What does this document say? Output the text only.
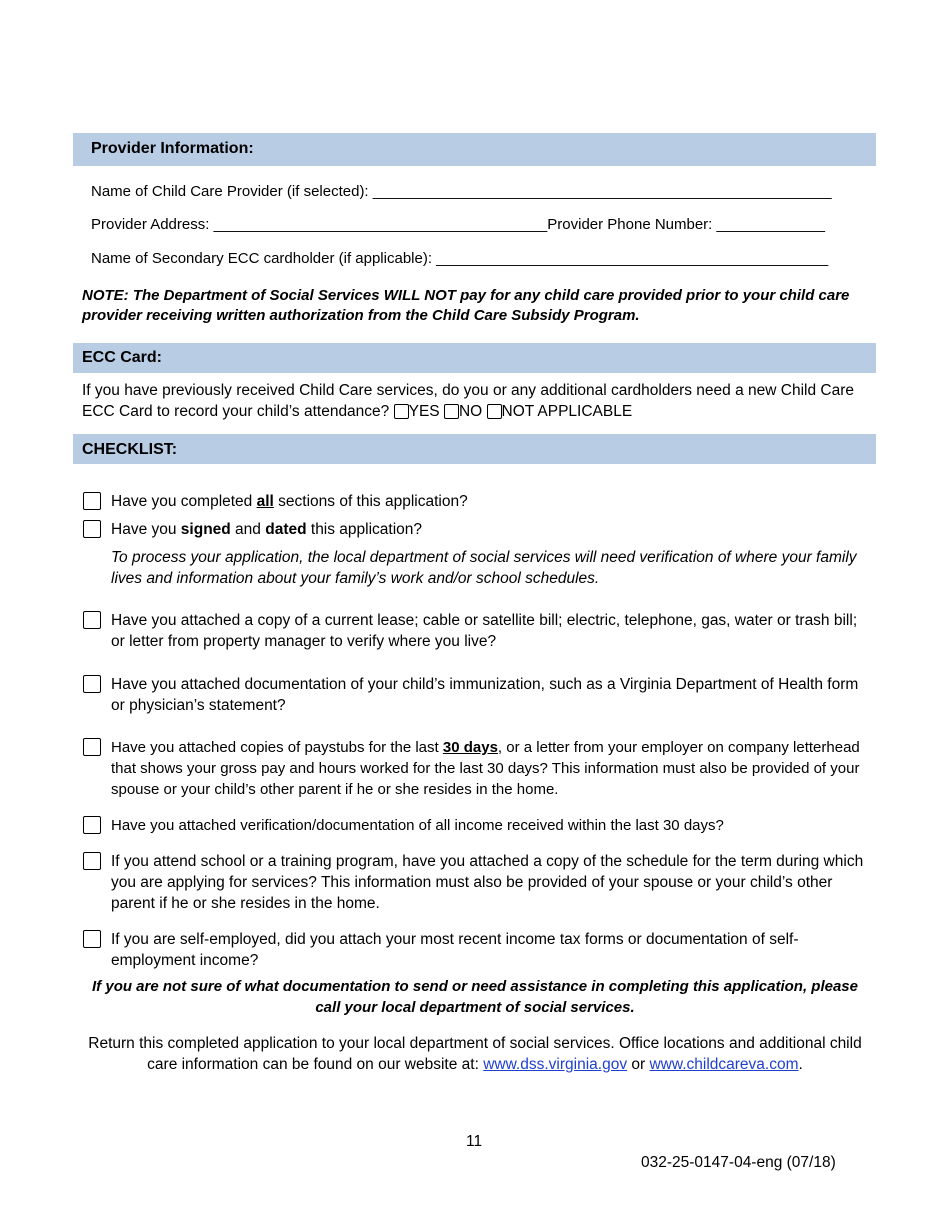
Provider Information:
Name of Child Care Provider (if selected): _______________________________________________________
Provider Address: ________________________________________Provider Phone Number: _____________
Name of Secondary ECC cardholder (if applicable): _______________________________________________
NOTE: The Department of Social Services WILL NOT pay for any child care provided prior to your child care provider receiving written authorization from the Child Care Subsidy Program.
ECC Card:
If you have previously received Child Care services, do you or any additional cardholders need a new Child Care ECC Card to record your child’s attendance? YES NO NOT APPLICABLE
CHECKLIST:
Have you completed all sections of this application?
Have you signed and dated this application?
To process your application, the local department of social services will need verification of where your family lives and information about your family’s work and/or school schedules.
Have you attached a copy of a current lease; cable or satellite bill; electric, telephone, gas, water or trash bill; or letter from property manager to verify where you live?
Have you attached documentation of your child’s immunization, such as a Virginia Department of Health form or physician’s statement?
Have you attached copies of paystubs for the last 30 days, or a letter from your employer on company letterhead that shows your gross pay and hours worked for the last 30 days? This information must also be provided of your spouse or your child’s other parent if he or she resides in the home.
Have you attached verification/documentation of all income received within the last 30 days?
If you attend school or a training program, have you attached a copy of the schedule for the term during which you are applying for services? This information must also be provided of your spouse or your child’s other parent if he or she resides in the home.
If you are self-employed, did you attach your most recent income tax forms or documentation of self-employment income?
If you are not sure of what documentation to send or need assistance in completing this application, please call your local department of social services.
Return this completed application to your local department of social services. Office locations and additional child care information can be found on our website at: www.dss.virginia.gov or www.childcareva.com.
11
032-25-0147-04-eng (07/18)
